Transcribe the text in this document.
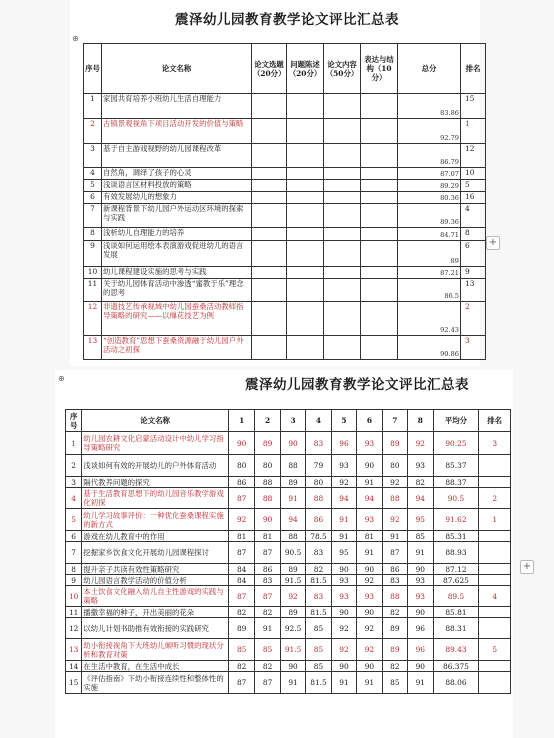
震泽幼儿园教育教学论文评比汇总表
序号	论文名称	论文选题（20分）	问题陈述（20分）	论文内容（50分）	表达与结构（10分）	总分	排名
1	家园共育培养小班幼儿生活自理能力					83.86	15
2	古镇景观视角下项目活动开发的价值与策略					92.79	1
3	基于自主游戏视野的幼儿园课程改革					86.79	12
4	自然角，调绎了孩子的心灵					87.07	10
5	浅谈语言区材料投放的策略					89.29	5
6	有效发展幼儿的想象力					80.36	16
7	新课程背景下幼儿园户外运动区环境的探索与实践					89.36	4
8	浅析幼儿自理能力的培养					84.71	8
9	浅谈如何运用绘本表演游戏促进幼儿的语言发展					89	6
10	幼儿课程建设实施的思考与实践					87.21	9
11	关于幼儿园体育活动中渗透“蜜教于乐”理念的思考					86.5	13
12	非遗技艺传承视域中幼儿园蚕桑活动教师指导策略的研究——以缫花技艺为例					92.43	2
13	“创造教育”思想下蚕桑资源融于幼儿园户外活动之初探					90.86	3
震泽幼儿园教育教学论文评比汇总表
序号	论文名称	1	2	3	4	5	6	7	8	平均分	排名
1	幼儿园农耕文化启蒙活动设计中幼儿学习指导策略研究	90	89	90	83	96	93	89	92	90.25	3
2	浅谈如何有效的开展幼儿的户外体育活动	80	80	88	79	93	90	80	93	85.37	
3	隔代教养问题的探究	86	88	89	80	92	91	92	82	88.37	
4	基于生活教育思想下的幼儿园音乐教学游戏化初探	87	88	91	88	94	94	88	94	90.5	2
5	幼儿学习故事评价：一种优化蚕桑课程实施的新方式	92	90	94	86	91	93	92	95	91.62	1
6	游戏在幼儿教育中的作用	81	81	88	78.5	91	81	91	85	85.31	
7	挖掘家乡饮食文化开展幼儿园课程探讨	87	87	90.5	83	95	91	87	91	88.93	
8	提升亲子共读有效性策略研究	84	86	89	82	90	90	86	90	87.12	
9	幼儿园语言教学活动的价值分析	84	83	91.5	81.5	93	92	83	93	87.625	
10	本土饮食文化融入幼儿自主性游戏的实践与策略	87	87	92	83	93	93	88	93	89.5	4
11	播撒幸福的种子，开出美丽的花朵	82	82	89	81.5	90	90	82	90	85.81	
12	以幼儿计划书助推有效衔接的实践研究	89	91	92.5	85	92	92	89	96	88.31	
13	幼小衔接视角下大班幼儿倾听习惯的现状分析和教育对策	85	85	91.5	85	92	92	89	96	89.43	5
14	在生活中教育，在生活中成长	82	82	90	85	90	90	82	90	86.375	
15	《评估指南》下幼小衔接连续性和整体性的实施	87	87	91	81.5	91	91	85	91	88.06	
⊕
⊕
+
+
